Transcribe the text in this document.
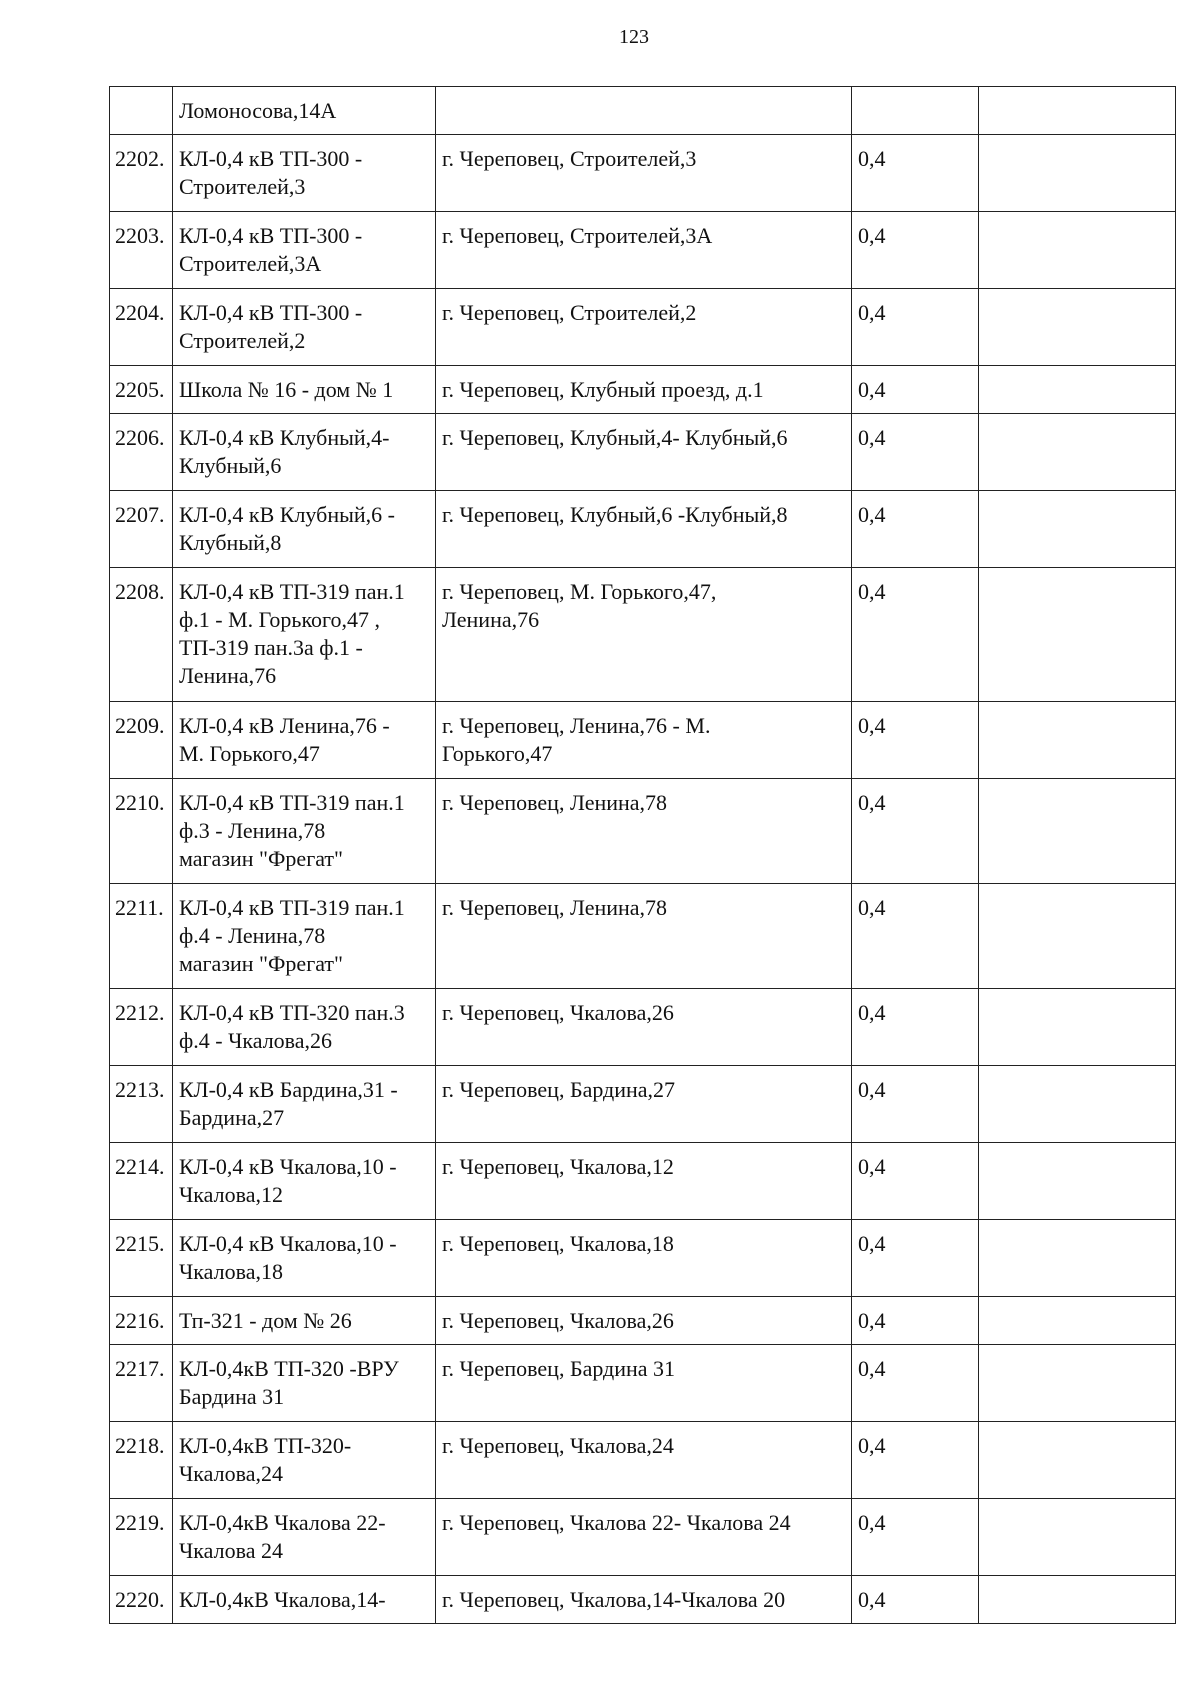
123
	Ломоносова,14А			
2202.	КЛ-0,4 кВ ТП-300 -
Строителей,3	г. Череповец, Строителей,3	0,4	
2203.	КЛ-0,4 кВ ТП-300 -
Строителей,3А	г. Череповец, Строителей,3А	0,4	
2204.	КЛ-0,4 кВ ТП-300 -
Строителей,2	г. Череповец, Строителей,2	0,4	
2205.	Школа № 16 - дом № 1	г. Череповец, Клубный проезд, д.1	0,4	
2206.	КЛ-0,4 кВ Клубный,4-
Клубный,6	г. Череповец, Клубный,4- Клубный,6	0,4	
2207.	КЛ-0,4 кВ Клубный,6 -
Клубный,8	г. Череповец, Клубный,6 -Клубный,8	0,4	
2208.	КЛ-0,4 кВ ТП-319 пан.1
ф.1 - М. Горького,47 ,
ТП-319 пан.3а ф.1 -
Ленина,76	г. Череповец, М. Горького,47,
Ленина,76	0,4	
2209.	КЛ-0,4 кВ Ленина,76 -
М. Горького,47	г. Череповец, Ленина,76 - М.
Горького,47	0,4	
2210.	КЛ-0,4 кВ ТП-319 пан.1
ф.3 - Ленина,78
магазин "Фрегат"	г. Череповец, Ленина,78	0,4	
2211.	КЛ-0,4 кВ ТП-319 пан.1
ф.4 - Ленина,78
магазин "Фрегат"	г. Череповец, Ленина,78	0,4	
2212.	КЛ-0,4 кВ ТП-320 пан.3
ф.4 - Чкалова,26	г. Череповец, Чкалова,26	0,4	
2213.	КЛ-0,4 кВ Бардина,31 -
Бардина,27	г. Череповец, Бардина,27	0,4	
2214.	КЛ-0,4 кВ Чкалова,10 -
Чкалова,12	г. Череповец, Чкалова,12	0,4	
2215.	КЛ-0,4 кВ Чкалова,10 -
Чкалова,18	г. Череповец, Чкалова,18	0,4	
2216.	Тп-321 - дом № 26	г. Череповец, Чкалова,26	0,4	
2217.	КЛ-0,4кВ ТП-320 -ВРУ
Бардина 31	г. Череповец, Бардина 31	0,4	
2218.	КЛ-0,4кВ ТП-320-
Чкалова,24	г. Череповец, Чкалова,24	0,4	
2219.	КЛ-0,4кВ Чкалова 22-
Чкалова 24	г. Череповец, Чкалова 22- Чкалова 24	0,4	
2220.	КЛ-0,4кВ Чкалова,14-	г. Череповец, Чкалова,14-Чкалова 20	0,4	
